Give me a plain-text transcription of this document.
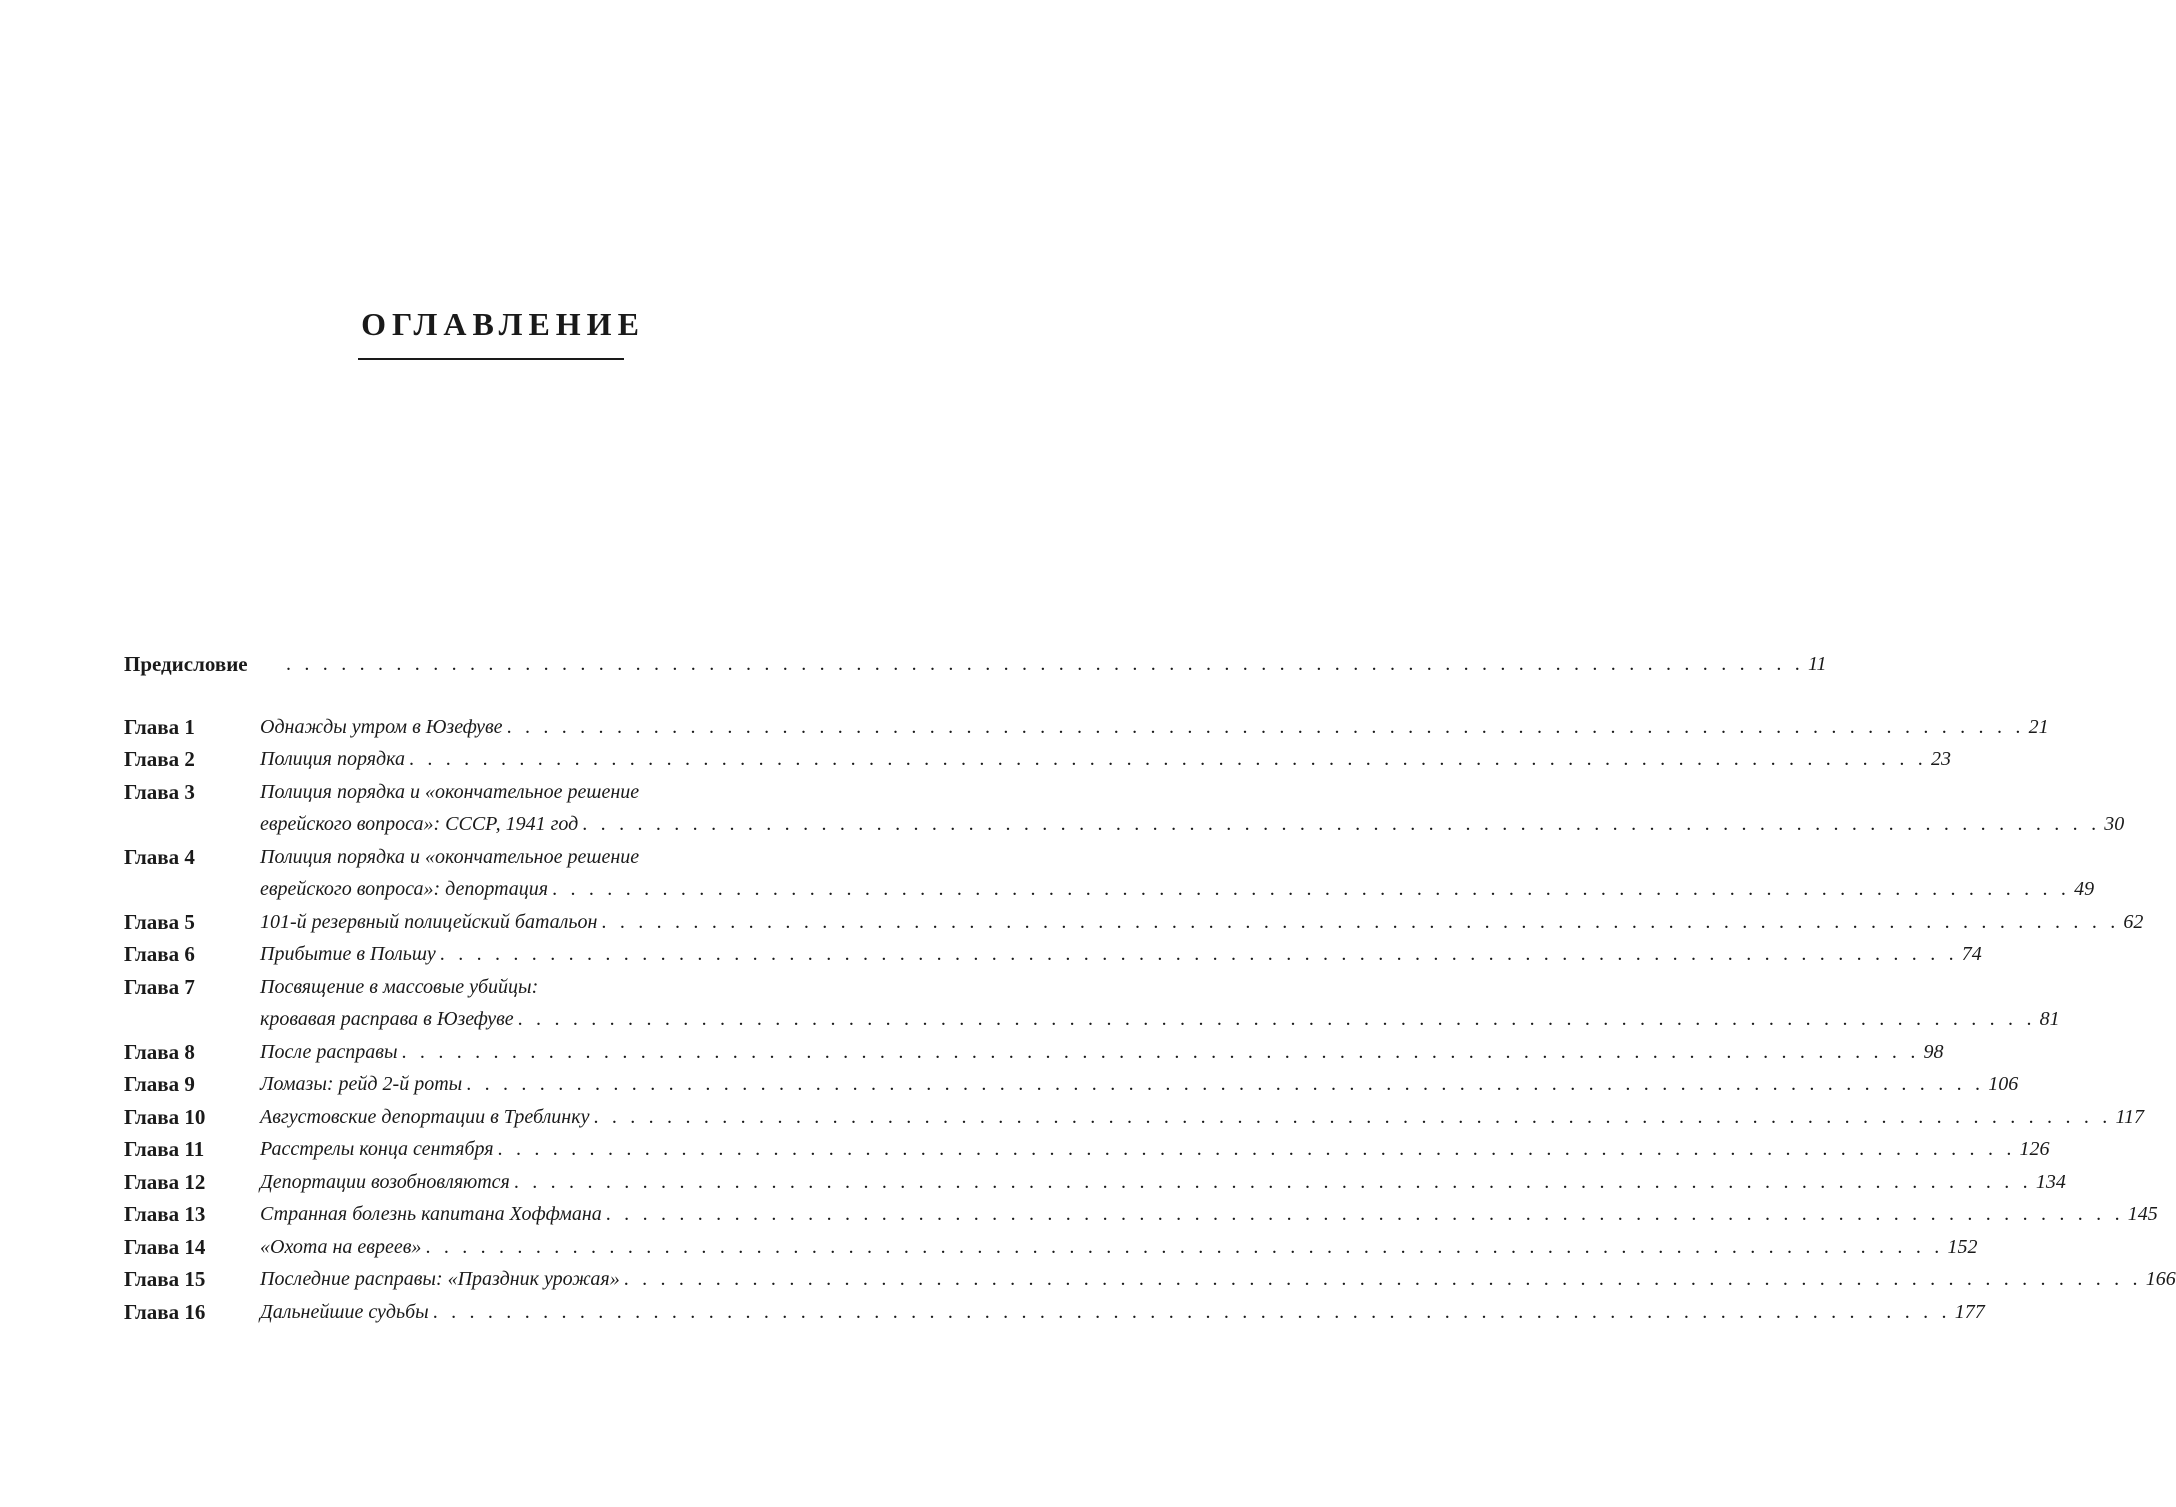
ОГЛАВЛЕНИЕ
Предисловие . . . . . . . . . . . . . . . . . . . . . . . . . . . . . . . . . . . . . . . . . . . . . . . . . . . . . . . . . . . . . . . . . . . . . . . . . . . . . . . . . . . 11
Глава 1	Однажды утром в Юзефуве . . . . . . . . . . . . . . . . . . . . . . . . . . . . . . . . . . . . . . . . . . . . . . . . . . . . . . . . . . . . . . . . . . . . . . . . . . . . . . . . . . . 21
Глава 2	Полиция порядка . . . . . . . . . . . . . . . . . . . . . . . . . . . . . . . . . . . . . . . . . . . . . . . . . . . . . . . . . . . . . . . . . . . . . . . . . . . . . . . . . . . 23
Глава 3	Полиция порядка и «окончательное решение
еврейского вопроса»: СССР, 1941 год . . . . . . . . . . . . . . . . . . . . . . . . . . . . . . . . . . . . . . . . . . . . . . . . . . . . . . . . . . . . . . . . . . . . . . . . . . . . . . . . . . . 30
Глава 4	Полиция порядка и «окончательное решение
еврейского вопроса»: депортация . . . . . . . . . . . . . . . . . . . . . . . . . . . . . . . . . . . . . . . . . . . . . . . . . . . . . . . . . . . . . . . . . . . . . . . . . . . . . . . . . . . 49
Глава 5	101-й резервный полицейский батальон . . . . . . . . . . . . . . . . . . . . . . . . . . . . . . . . . . . . . . . . . . . . . . . . . . . . . . . . . . . . . . . . . . . . . . . . . . . . . . . . . . . 62
Глава 6	Прибытие в Польшу . . . . . . . . . . . . . . . . . . . . . . . . . . . . . . . . . . . . . . . . . . . . . . . . . . . . . . . . . . . . . . . . . . . . . . . . . . . . . . . . . . . 74
Глава 7	Посвящение в массовые убийцы:
кровавая расправа в Юзефуве . . . . . . . . . . . . . . . . . . . . . . . . . . . . . . . . . . . . . . . . . . . . . . . . . . . . . . . . . . . . . . . . . . . . . . . . . . . . . . . . . . . 81
Глава 8	После расправы . . . . . . . . . . . . . . . . . . . . . . . . . . . . . . . . . . . . . . . . . . . . . . . . . . . . . . . . . . . . . . . . . . . . . . . . . . . . . . . . . . . 98
Глава 9	Ломазы: рейд 2-й роты . . . . . . . . . . . . . . . . . . . . . . . . . . . . . . . . . . . . . . . . . . . . . . . . . . . . . . . . . . . . . . . . . . . . . . . . . . . . . . . . . . . 106
Глава 10	Августовские депортации в Треблинку . . . . . . . . . . . . . . . . . . . . . . . . . . . . . . . . . . . . . . . . . . . . . . . . . . . . . . . . . . . . . . . . . . . . . . . . . . . . . . . . . . . 117
Глава 11	Расстрелы конца сентября . . . . . . . . . . . . . . . . . . . . . . . . . . . . . . . . . . . . . . . . . . . . . . . . . . . . . . . . . . . . . . . . . . . . . . . . . . . . . . . . . . . 126
Глава 12	Депортации возобновляются . . . . . . . . . . . . . . . . . . . . . . . . . . . . . . . . . . . . . . . . . . . . . . . . . . . . . . . . . . . . . . . . . . . . . . . . . . . . . . . . . . . 134
Глава 13	Странная болезнь капитана Хоффмана . . . . . . . . . . . . . . . . . . . . . . . . . . . . . . . . . . . . . . . . . . . . . . . . . . . . . . . . . . . . . . . . . . . . . . . . . . . . . . . . . . . 145
Глава 14	«Охота на евреев» . . . . . . . . . . . . . . . . . . . . . . . . . . . . . . . . . . . . . . . . . . . . . . . . . . . . . . . . . . . . . . . . . . . . . . . . . . . . . . . . . . . 152
Глава 15	Последние расправы: «Праздник урожая» . . . . . . . . . . . . . . . . . . . . . . . . . . . . . . . . . . . . . . . . . . . . . . . . . . . . . . . . . . . . . . . . . . . . . . . . . . . . . . . . . . . 166
Глава 16	Дальнейшие судьбы . . . . . . . . . . . . . . . . . . . . . . . . . . . . . . . . . . . . . . . . . . . . . . . . . . . . . . . . . . . . . . . . . . . . . . . . . . . . . . . . . . . 177
